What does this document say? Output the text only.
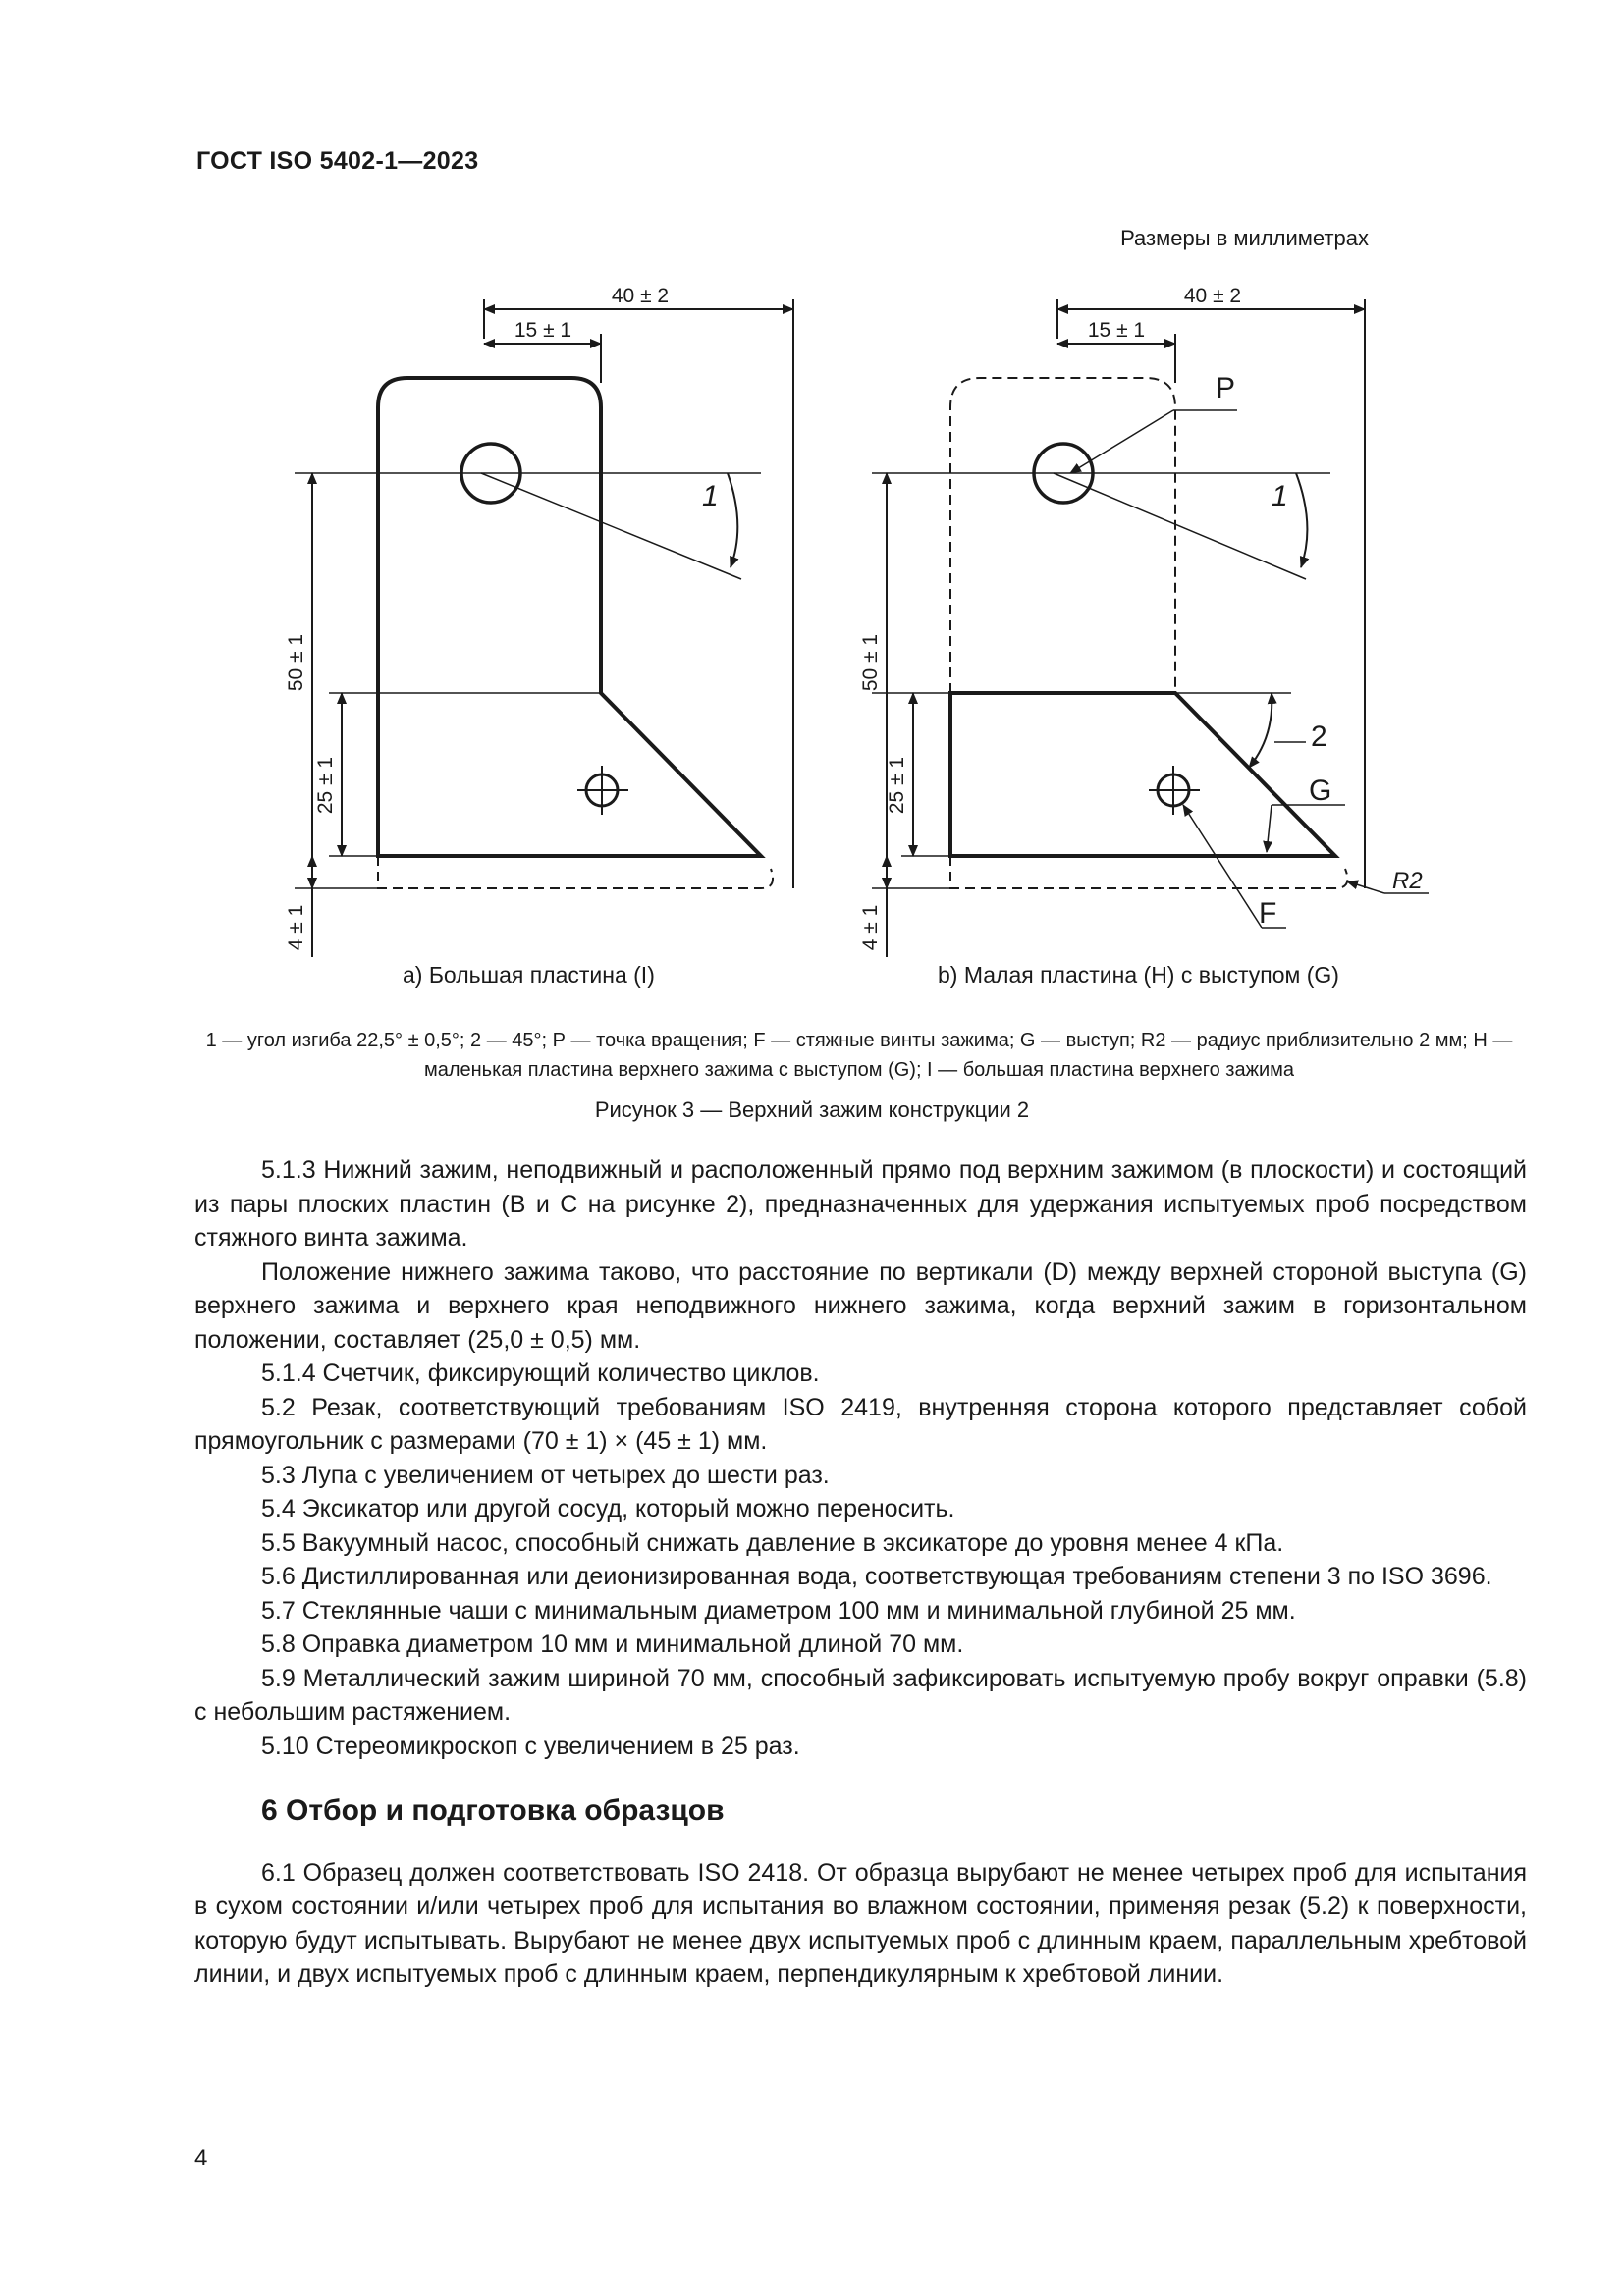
ГОСТ ISO 5402-1—2023
Размеры в миллиметрах
40 ± 2
15 ± 1
1
50 ± 1
25 ± 1
4 ± 1
40 ± 2
15 ± 1
P
1
2
G
R2
F
50 ± 1
25 ± 1
4 ± 1
а) Большая пластина (I)	b) Малая пластина (H) с выступом (G)
1 — угол изгиба 22,5° ± 0,5°; 2 — 45°; Р — точка вращения; F — стяжные винты зажима; G — выступ; R2 — радиус приблизительно 2 мм; Н — маленькая пластина верхнего зажима с выступом (G); I — большая пластина верхнего зажима
Рисунок 3 — Верхний зажим конструкции 2

5.1.3 Нижний зажим, неподвижный и расположенный прямо под верхним зажимом (в плоскости) и состоящий из пары плоских пластин (В и С на рисунке 2), предназначенных для удержания испытуемых проб посредством стяжного винта зажима.

Положение нижнего зажима таково, что расстояние по вертикали (D) между верхней стороной выступа (G) верхнего зажима и верхнего края неподвижного нижнего зажима, когда верхний зажим в горизонтальном положении, составляет (25,0 ± 0,5) мм.

5.1.4 Счетчик, фиксирующий количество циклов.

5.2 Резак, соответствующий требованиям ISO 2419, внутренняя сторона которого представляет собой прямоугольник с размерами (70 ± 1) × (45 ± 1) мм.

5.3 Лупа с увеличением от четырех до шести раз.

5.4 Эксикатор или другой сосуд, который можно переносить.

5.5 Вакуумный насос, способный снижать давление в эксикаторе до уровня менее 4 кПа.

5.6 Дистиллированная или деионизированная вода, соответствующая требованиям степени 3 по ISO 3696.

5.7 Стеклянные чаши с минимальным диаметром 100 мм и минимальной глубиной 25 мм.

5.8 Оправка диаметром 10 мм и минимальной длиной 70 мм.

5.9 Металлический зажим шириной 70 мм, способный зафиксировать испытуемую пробу вокруг оправки (5.8) с небольшим растяжением.

5.10 Стереомикроскоп с увеличением в 25 раз.

6 Отбор и подготовка образцов

6.1 Образец должен соответствовать ISO 2418. От образца вырубают не менее четырех проб для испытания в сухом состоянии и/или четырех проб для испытания во влажном состоянии, применяя резак (5.2) к поверхности, которую будут испытывать. Вырубают не менее двух испытуемых проб с длинным краем, параллельным хребтовой линии, и двух испытуемых проб с длинным краем, перпендикулярным к хребтовой линии.

4
